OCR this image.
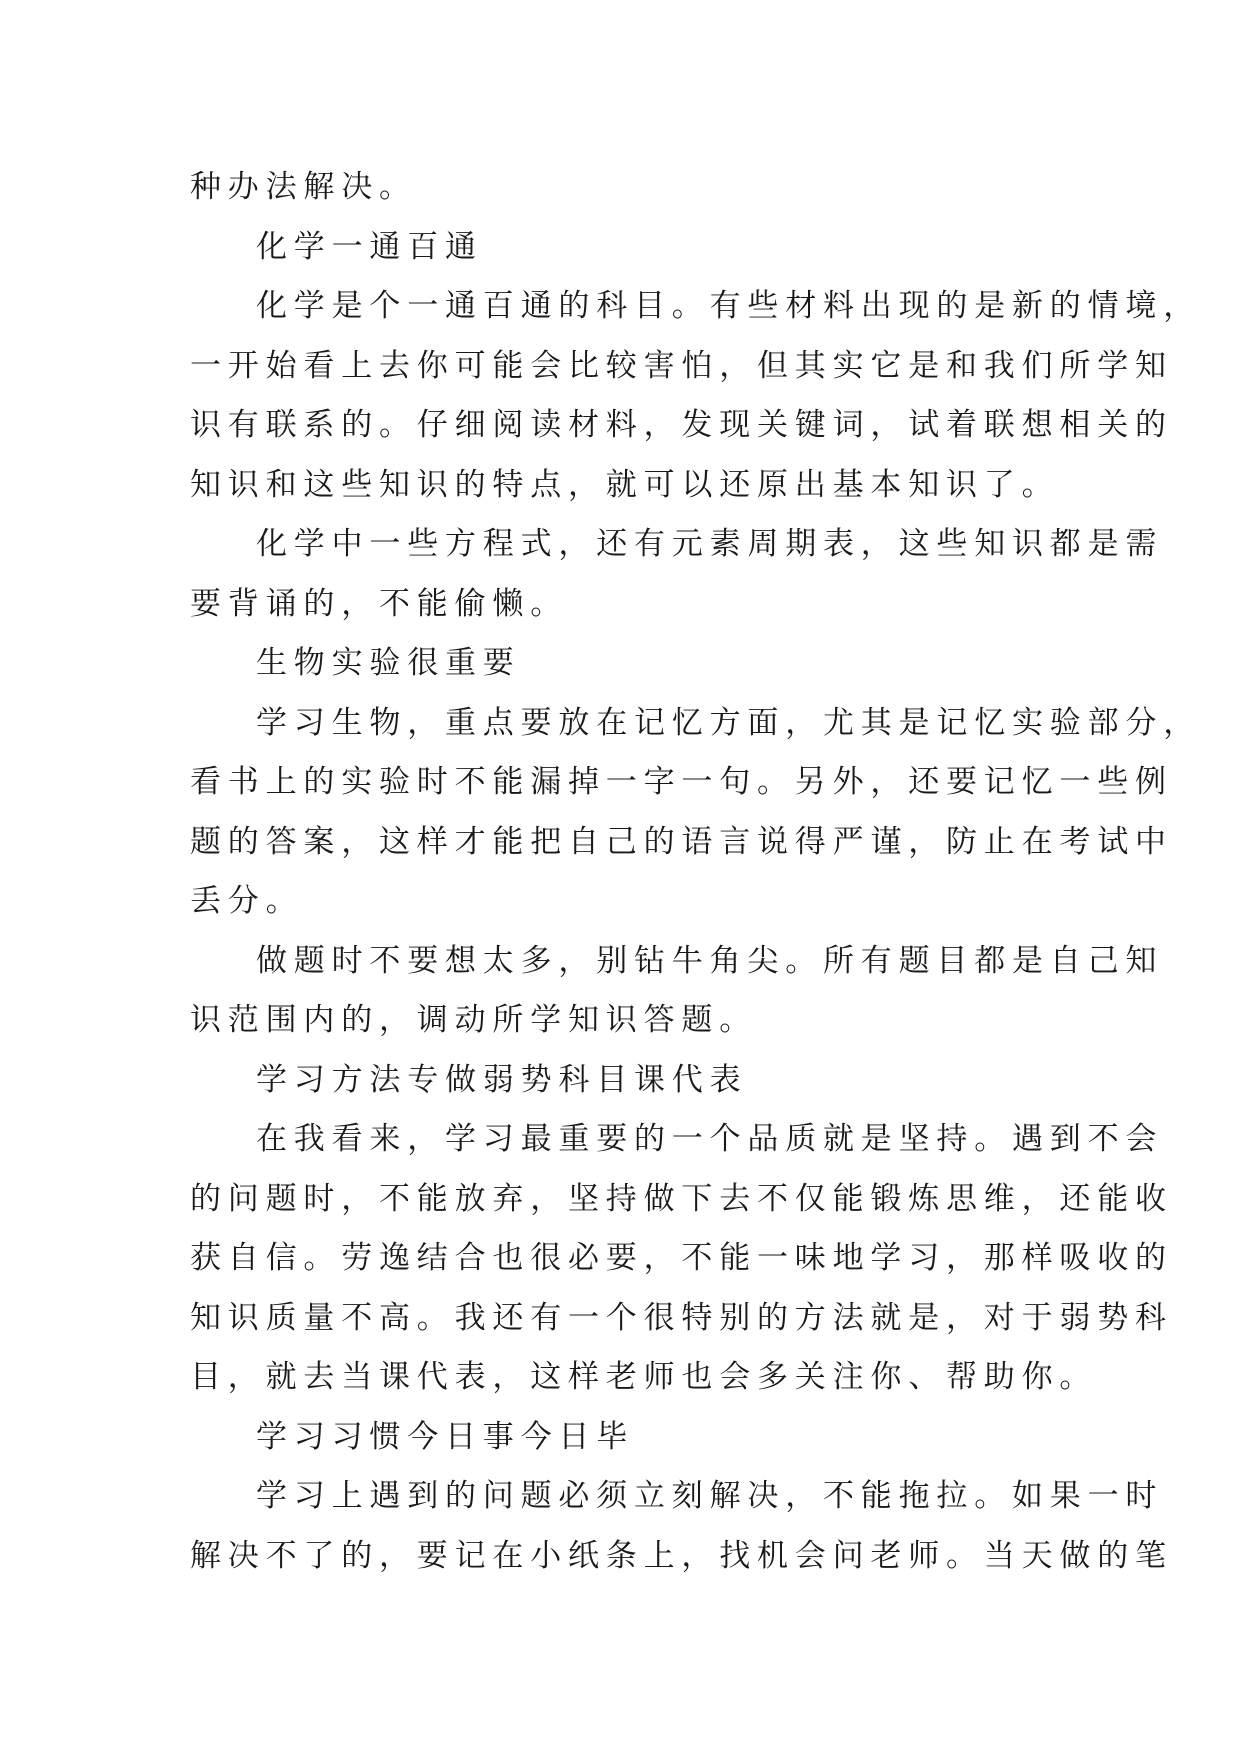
种办法解决。
化学一通百通
化学是个一通百通的科目。有些材料出现的是新的情境，
一开始看上去你可能会比较害怕，但其实它是和我们所学知
识有联系的。仔细阅读材料，发现关键词，试着联想相关的
知识和这些知识的特点，就可以还原出基本知识了。
化学中一些方程式，还有元素周期表，这些知识都是需
要背诵的，不能偷懒。
生物实验很重要
学习生物，重点要放在记忆方面，尤其是记忆实验部分，
看书上的实验时不能漏掉一字一句。另外，还要记忆一些例
题的答案，这样才能把自己的语言说得严谨，防止在考试中
丢分。
做题时不要想太多，别钻牛角尖。所有题目都是自己知
识范围内的，调动所学知识答题。
学习方法专做弱势科目课代表
在我看来，学习最重要的一个品质就是坚持。遇到不会
的问题时，不能放弃，坚持做下去不仅能锻炼思维，还能收
获自信。劳逸结合也很必要，不能一味地学习，那样吸收的
知识质量不高。我还有一个很特别的方法就是，对于弱势科
目，就去当课代表，这样老师也会多关注你、帮助你。
学习习惯今日事今日毕
学习上遇到的问题必须立刻解决，不能拖拉。如果一时
解决不了的，要记在小纸条上，找机会问老师。当天做的笔
